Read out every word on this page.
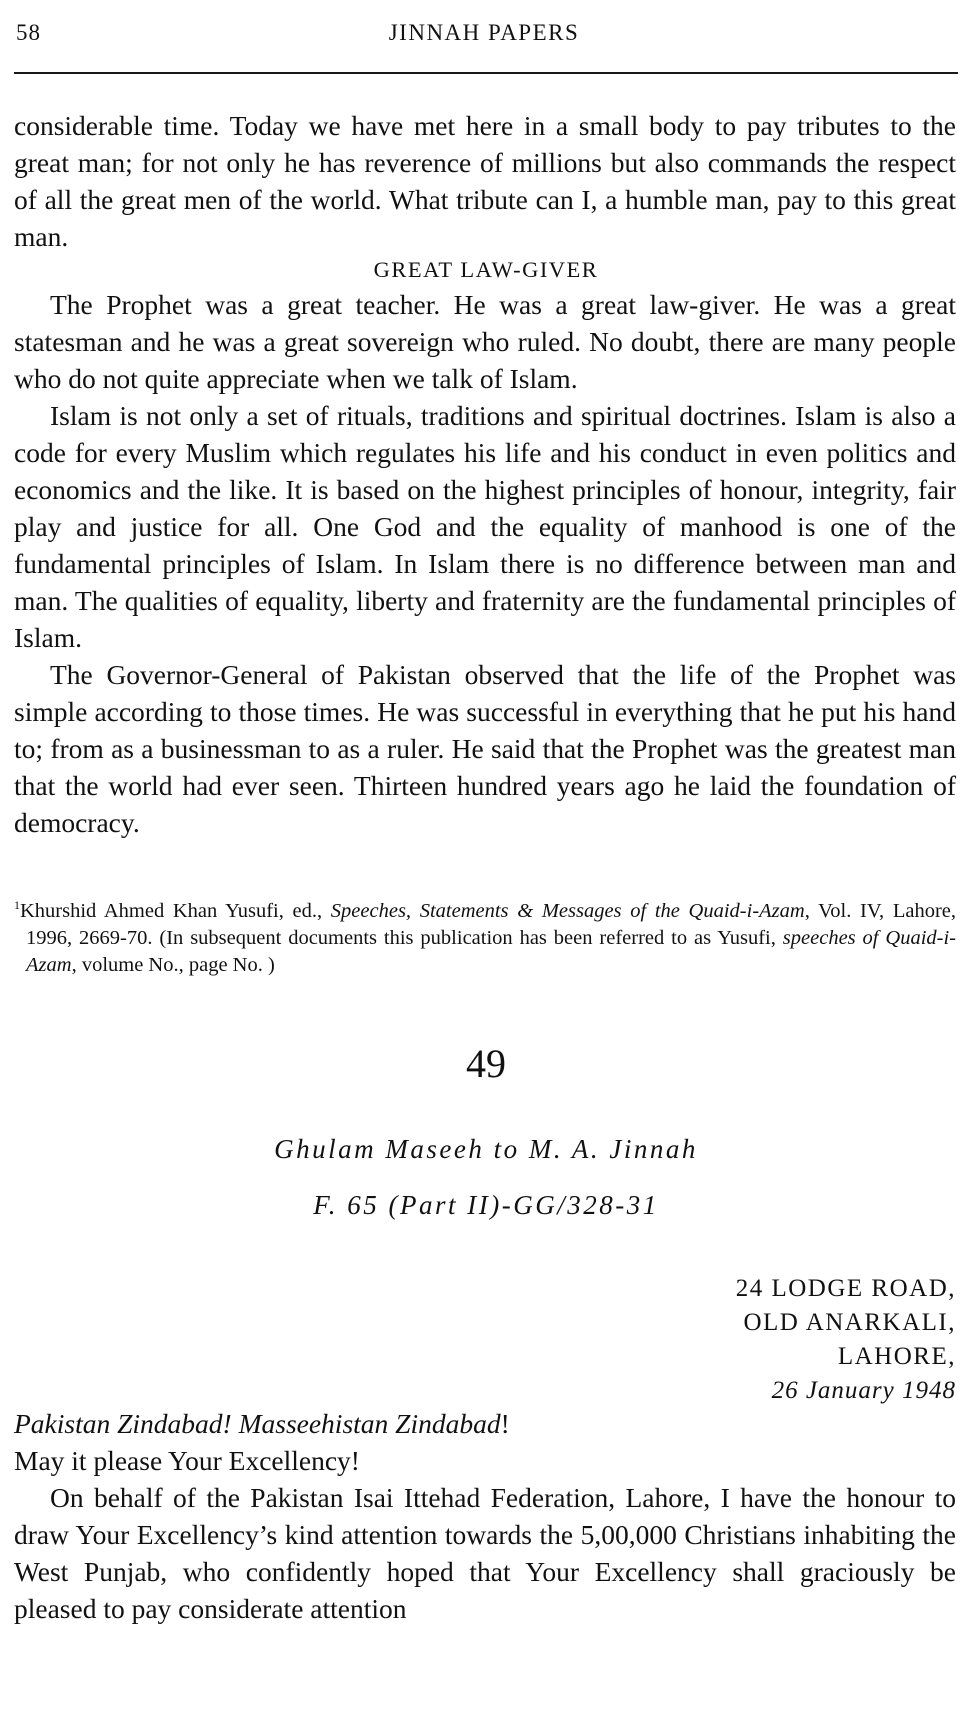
58	JINNAH PAPERS

considerable time. Today we have met here in a small body to pay tributes to the great man; for not only he has reverence of millions but also commands the respect of all the great men of the world. What tribute can I, a humble man, pay to this great man.

GREAT LAW-GIVER

The Prophet was a great teacher. He was a great law-giver. He was a great statesman and he was a great sovereign who ruled. No doubt, there are many people who do not quite appreciate when we talk of Islam.

Islam is not only a set of rituals, traditions and spiritual doctrines. Islam is also a code for every Muslim which regulates his life and his conduct in even politics and economics and the like. It is based on the highest principles of honour, integrity, fair play and justice for all. One God and the equality of manhood is one of the fundamental principles of Islam. In Islam there is no difference between man and man. The qualities of equality, liberty and fraternity are the fundamental principles of Islam.

The Governor-General of Pakistan observed that the life of the Prophet was simple according to those times. He was successful in everything that he put his hand to; from as a businessman to as a ruler. He said that the Prophet was the greatest man that the world had ever seen. Thirteen hundred years ago he laid the foundation of democracy.

$^1$Khurshid Ahmed Khan Yusufi, ed., Speeches, Statements & Messages of the Quaid-i-Azam, Vol. IV, Lahore, 1996, 2669-70. (In subsequent documents this publication has been referred to as Yusufi, speeches of Quaid-i-Azam, volume No., page No. )
49
Ghulam Maseeh to M. A. Jinnah
F. 65 (Part II)-GG/328-31
24 LODGE ROAD,
OLD ANARKALI,
LAHORE,
26 January 1948

Pakistan Zindabad! Masseehistan Zindabad!

May it please Your Excellency!

On behalf of the Pakistan Isai Ittehad Federation, Lahore, I have the honour to draw Your Excellency’s kind attention towards the 5,00,000 Christians inhabiting the West Punjab, who confidently hoped that Your Excellency shall graciously be pleased to pay considerate attention
